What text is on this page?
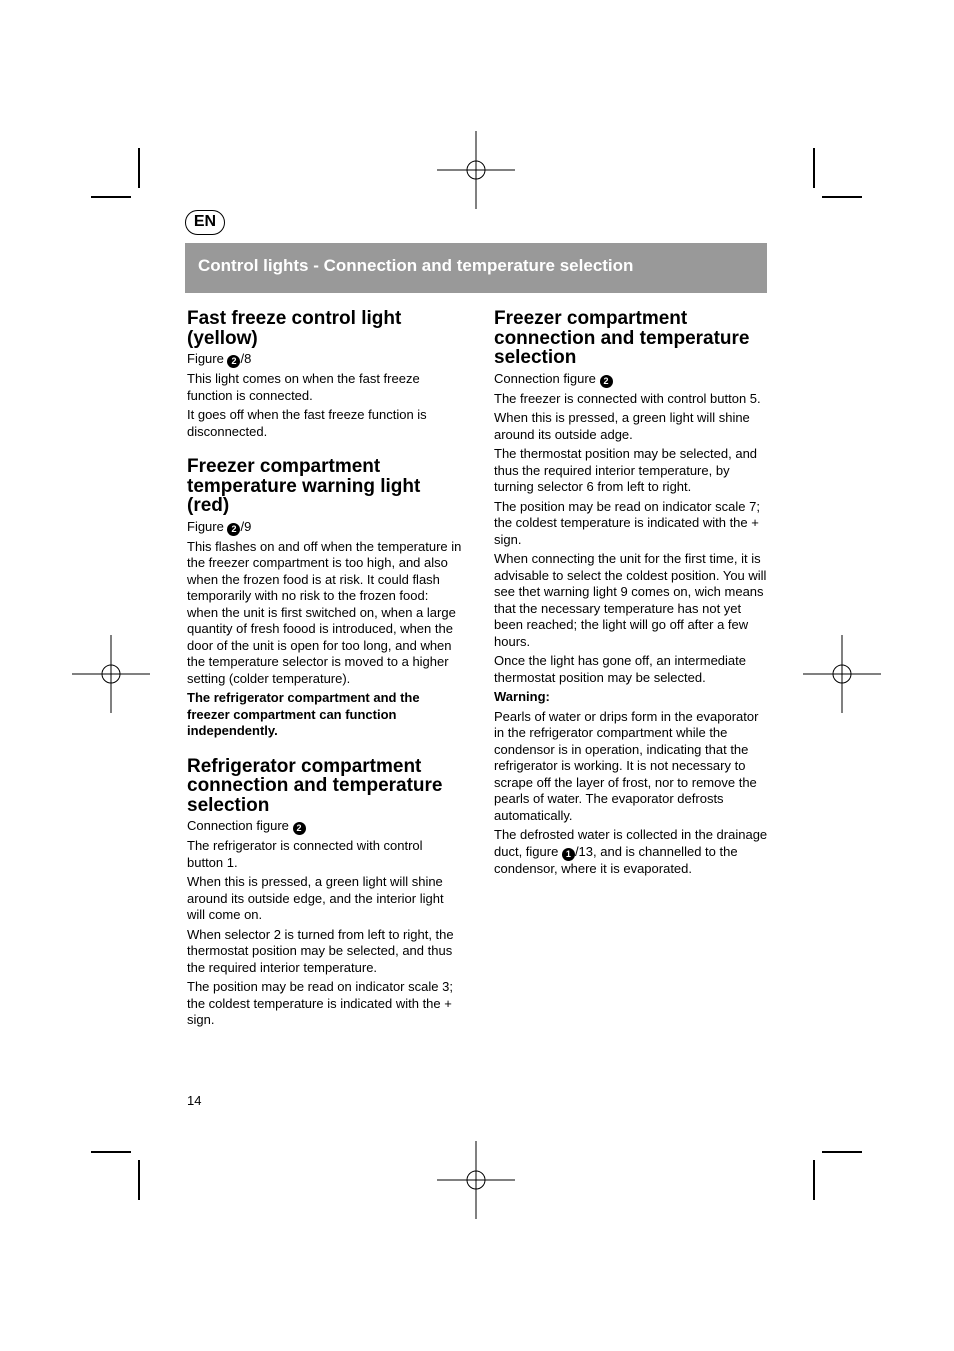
EN
Control lights - Connection and temperature selection
Fast freeze control light (yellow)

Figure 2 /8

This light comes on when the fast freeze function is connected.

It goes off when the fast freeze function is disconnected.

Freezer compartment temperature warning light (red)

Figure 2 /9

This flashes on and off when the temperature in the freezer compartment is too high, and also when the frozen food is at risk. It could flash temporarily with no risk to the frozen food: when the unit is first switched on, when a large quantity of fresh foood is introduced, when the door of the unit is open for too long, and when the temperature selector is moved to a higher setting (colder temperature).

The refrigerator compartment and the freezer compartment can function independently.

Refrigerator compartment connection and temperature selection

Connection figure 2

The refrigerator is connected with control button 1.

When this is pressed, a green light will shine around its outside edge, and the interior light will come on.

When selector 2 is turned from left to right, the thermostat position may be selected, and thus the required interior temperature.

The position may be read on indicator scale 3; the coldest temperature is indicated with the + sign.

Freezer compartment connection and temperature selection

Connection figure 2

The freezer is connected with control button 5.

When this is pressed, a green light will shine around its outside adge.

The thermostat position may be selected, and thus the required interior temperature, by turning selector 6 from left to right.

The position may be read on indicator scale 7; the coldest temperature is indicated with the + sign.

When connecting the unit for the first time, it is advisable to select the coldest position. You will see thet warning light 9 comes on, wich means that the necessary temperature has not yet been reached; the light will go off after a few hours.

Once the light has gone off, an intermediate thermostat position may be selected.

Warning:

Pearls of water or drips form in the evaporator in the refrigerator compartment while the condensor is in operation, indicating that the refrigerator is working. It is not necessary to scrape off the layer of frost, nor to remove the pearls of water. The evaporator defrosts automatically.

The defrosted water is collected in the drainage duct, figure 1 /13, and is channelled to the condensor, where it is evaporated.

14
